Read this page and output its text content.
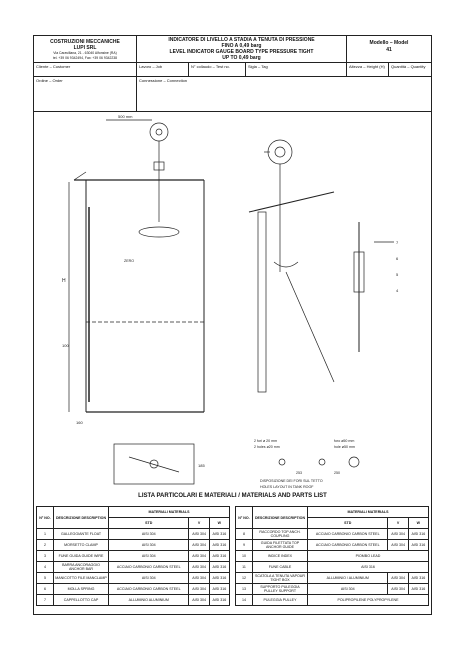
COSTRUZIONI MECCANICHE
LUPI SRL
Via Caravillana, 21 - 63040 Alfonsine (RA)
tel. +39 06 9342494, Fax: +39 06 9342238
INDICATORE DI LIVELLO A STADIA A TENUTA DI PRESSIONE
FINO A 0,49 barg
LEVEL INDICATOR GAUGE BOARD TYPE PRESSURE TIGHT
UP TO 0,49 barg
Modello – Model
41
Cliente – Customer	Lavoro – Job	N° collaudo – Test no.	Sigla – Tag	Altezza – Height (H)	Quantità – Quantity
Ordine – Order	Connessione – Connection
500 mm
H
100
160
ZERO
185
7
6
5
4
2 fori ø 20 mm
2 holes ø20 mm
foro ø50 mm
hole ø50 mm
253	250
DISPOSIZIONE DEI FORI SUL TETTO
HOLES LAYOUT IN TANK ROOF
LISTA PARTICOLARI E MATERIALI / MATERIALS AND PARTS LIST
N° NO.	DESCRIZIONE DESCRIPTION	MATERIALI MATERIALS		
		STD	V	W
1	GALLEGGIANTE FLOAT	AISI 304	AISI 304	AISI 316
2	MORSETTO CLAMP	AISI 304	AISI 304	AISI 316
3	FUNE GUIDA GUIDE WIRE	AISI 304	AISI 304	AISI 316
4	BARRA ANCORAGGIO ANCHOR BAR	ACCIAIO CARBONIO CARBON STEEL	AISI 304	AISI 316
5	MANICOTTO FILE MANCLAMP	AISI 304	AISI 304	AISI 316
6	MOLLA SPRING	ACCIAIO CARBONIO CARBON STEEL	AISI 304	AISI 316
7	CAPPELLOTTO CAP	ALLUMINIO ALUMINIUM	AISI 304	AISI 316
N° NO.	DESCRIZIONE DESCRIPTION	MATERIALI MATERIALS		
		STD	V	W
8	RACCORDO TOP ANCH. COUPLING	ACCIAIO CARBONIO CARBON STEEL	AISI 304	AISI 316
9	GUIDA FILETTATA TOP ANCHOR GUIDE	ACCIAIO CARBONIO CARBON STEEL	AISI 304	AISI 316
10	INDICE INDEX	PIOMBO LEAD		
11	FUNE CABLE	AISI 316		
12	SCATOLA A TENUTA VAPOUR TIGHT BOX	ALLUMINIO / ALUMINIUM	AISI 304	AISI 316
13	SUPPORTO PULEGGIA PULLEY SUPPORT	AISI 304	AISI 304	AISI 316
14	PULEGGIA PULLEY	POLIPROPILENE POLYPROPYLENE		
